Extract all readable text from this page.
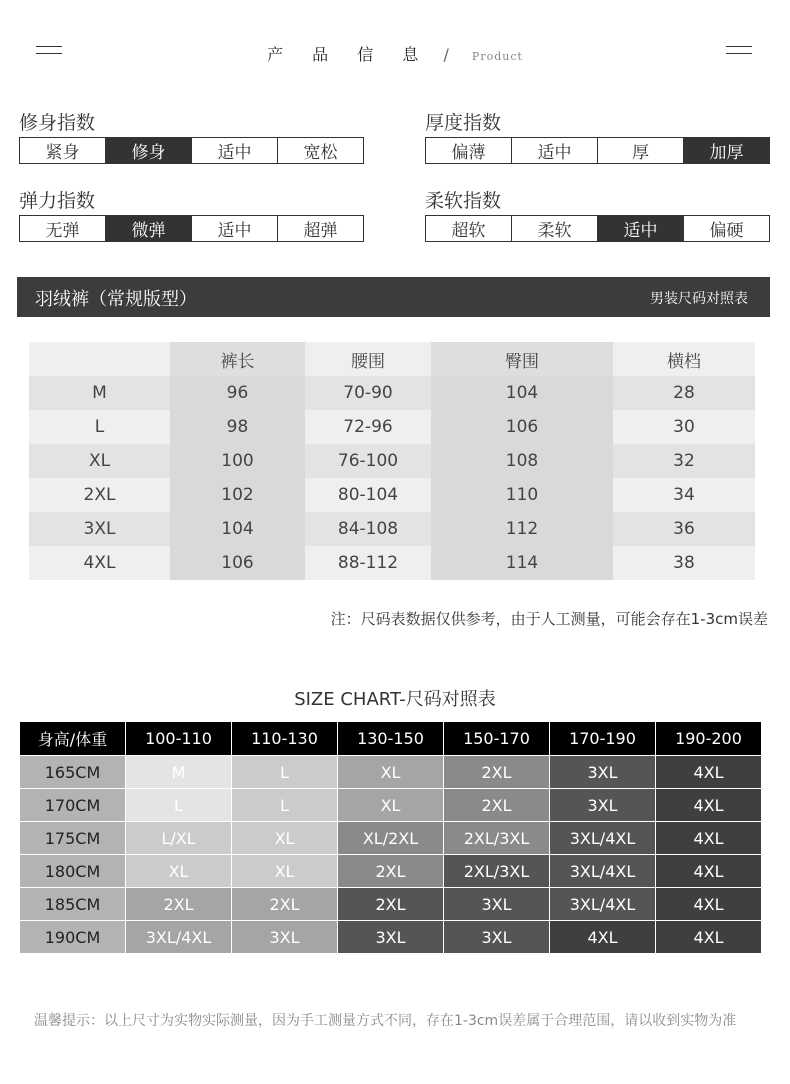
产 品 信 息 / Product
修身指数
紧身	修身	适中	宽松
厚度指数
偏薄	适中	厚	加厚
弹力指数
无弹	微弹	适中	超弹
柔软指数
超软	柔软	适中	偏硬
羽绒裤（常规版型）	男装尺码对照表
	裤长	腰围	臀围	横档
M	96	70-90	104	28
L	98	72-96	106	30
XL	100	76-100	108	32
2XL	102	80-104	110	34
3XL	104	84-108	112	36
4XL	106	88-112	114	38
注：尺码表数据仅供参考，由于人工测量，可能会存在1-3cm误差
SIZE CHART-尺码对照表
身高/体重	100-110	110-130	130-150	150-170	170-190	190-200
165CM	M	L	XL	2XL	3XL	4XL
170CM	L	L	XL	2XL	3XL	4XL
175CM	L/XL	XL	XL/2XL	2XL/3XL	3XL/4XL	4XL
180CM	XL	XL	2XL	2XL/3XL	3XL/4XL	4XL
185CM	2XL	2XL	2XL	3XL	3XL/4XL	4XL
190CM	3XL/4XL	3XL	3XL	3XL	4XL	4XL
温馨提示：以上尺寸为实物实际测量，因为手工测量方式不同，存在1-3cm误差属于合理范围，请以收到实物为准
